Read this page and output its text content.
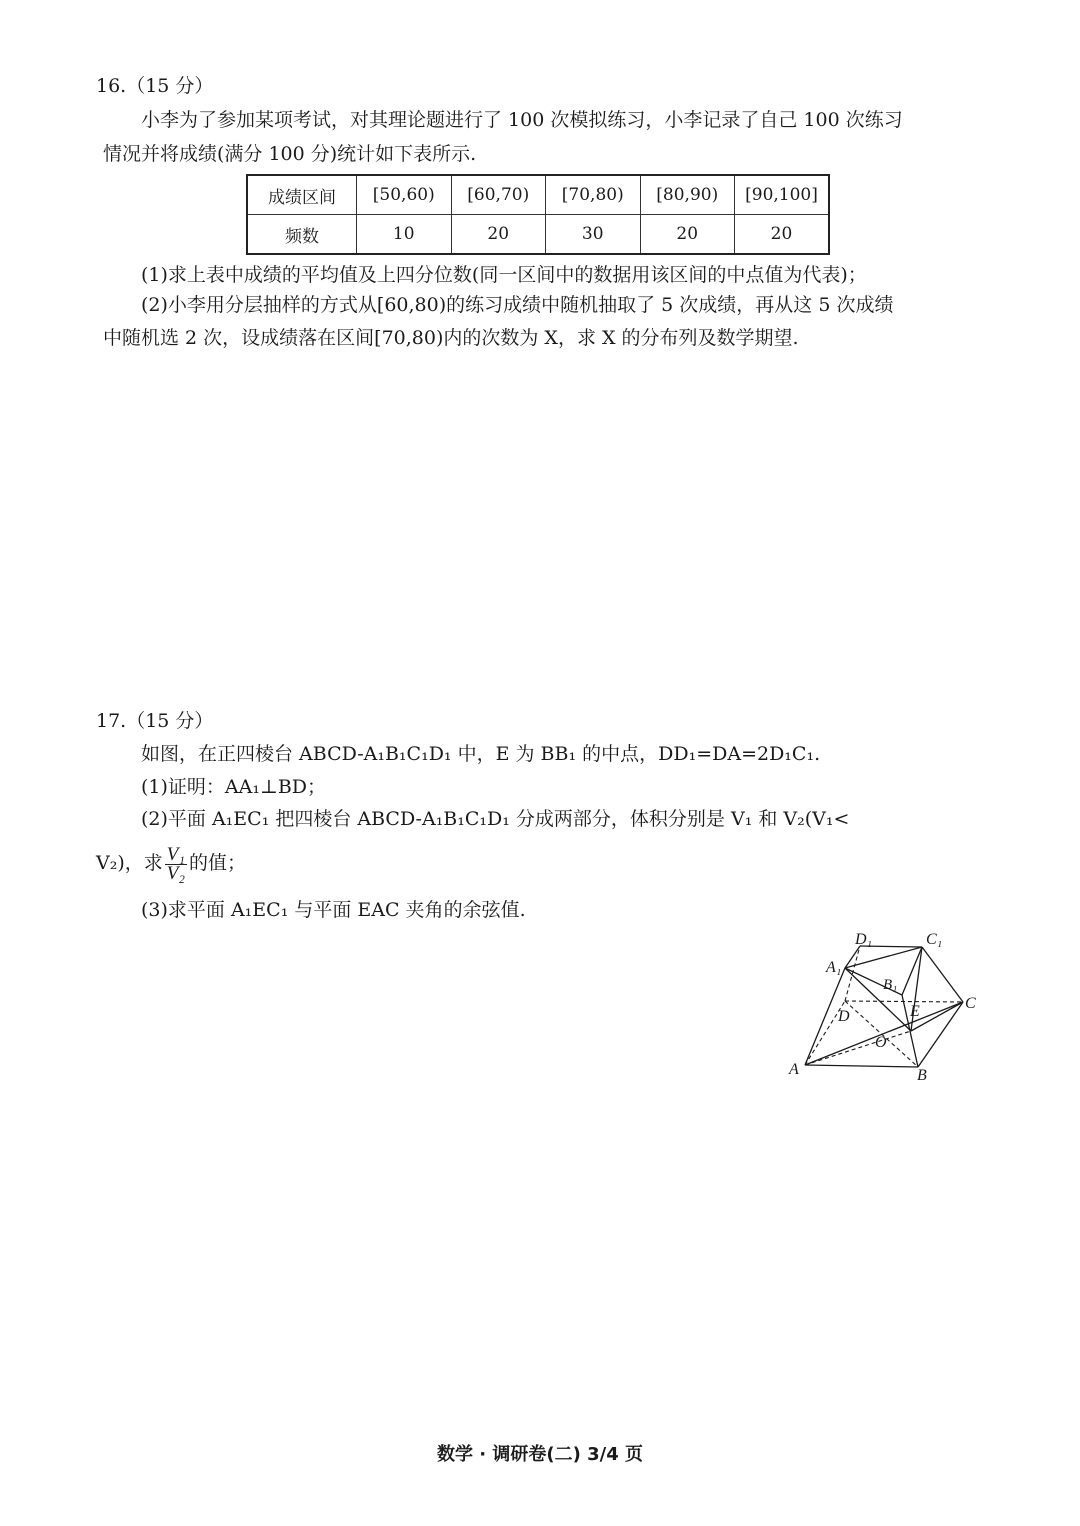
16.（15 分）
小李为了参加某项考试，对其理论题进行了 100 次模拟练习，小李记录了自己 100 次练习
情况并将成绩(满分 100 分)统计如下表所示.
成绩区间	[50,60)	[60,70)	[70,80)	[80,90)	[90,100]
频数	10	20	30	20	20
(1)求上表中成绩的平均值及上四分位数(同一区间中的数据用该区间的中点值为代表)；
(2)小李用分层抽样的方式从[60,80)的练习成绩中随机抽取了 5 次成绩，再从这 5 次成绩
中随机选 2 次，设成绩落在区间[70,80)内的次数为 X，求 X 的分布列及数学期望.
17.（15 分）
如图，在正四棱台 ABCD-A₁B₁C₁D₁ 中，E 为 BB₁ 的中点，DD₁=DA=2D₁C₁.
(1)证明：AA₁⊥BD；
(2)平面 A₁EC₁ 把四棱台 ABCD-A₁B₁C₁D₁ 分成两部分，体积分别是 V₁ 和 V₂(V₁<
V₂)，求 $\frac{\text{V₁}}{\text{V₂}}$ 的值；
(3)求平面 A₁EC₁ 与平面 EAC 夹角的余弦值.
D₁	C₁
A₁
B₁
C
D	E
O
A	B
数学 · 调研卷(二) 3/4 页
